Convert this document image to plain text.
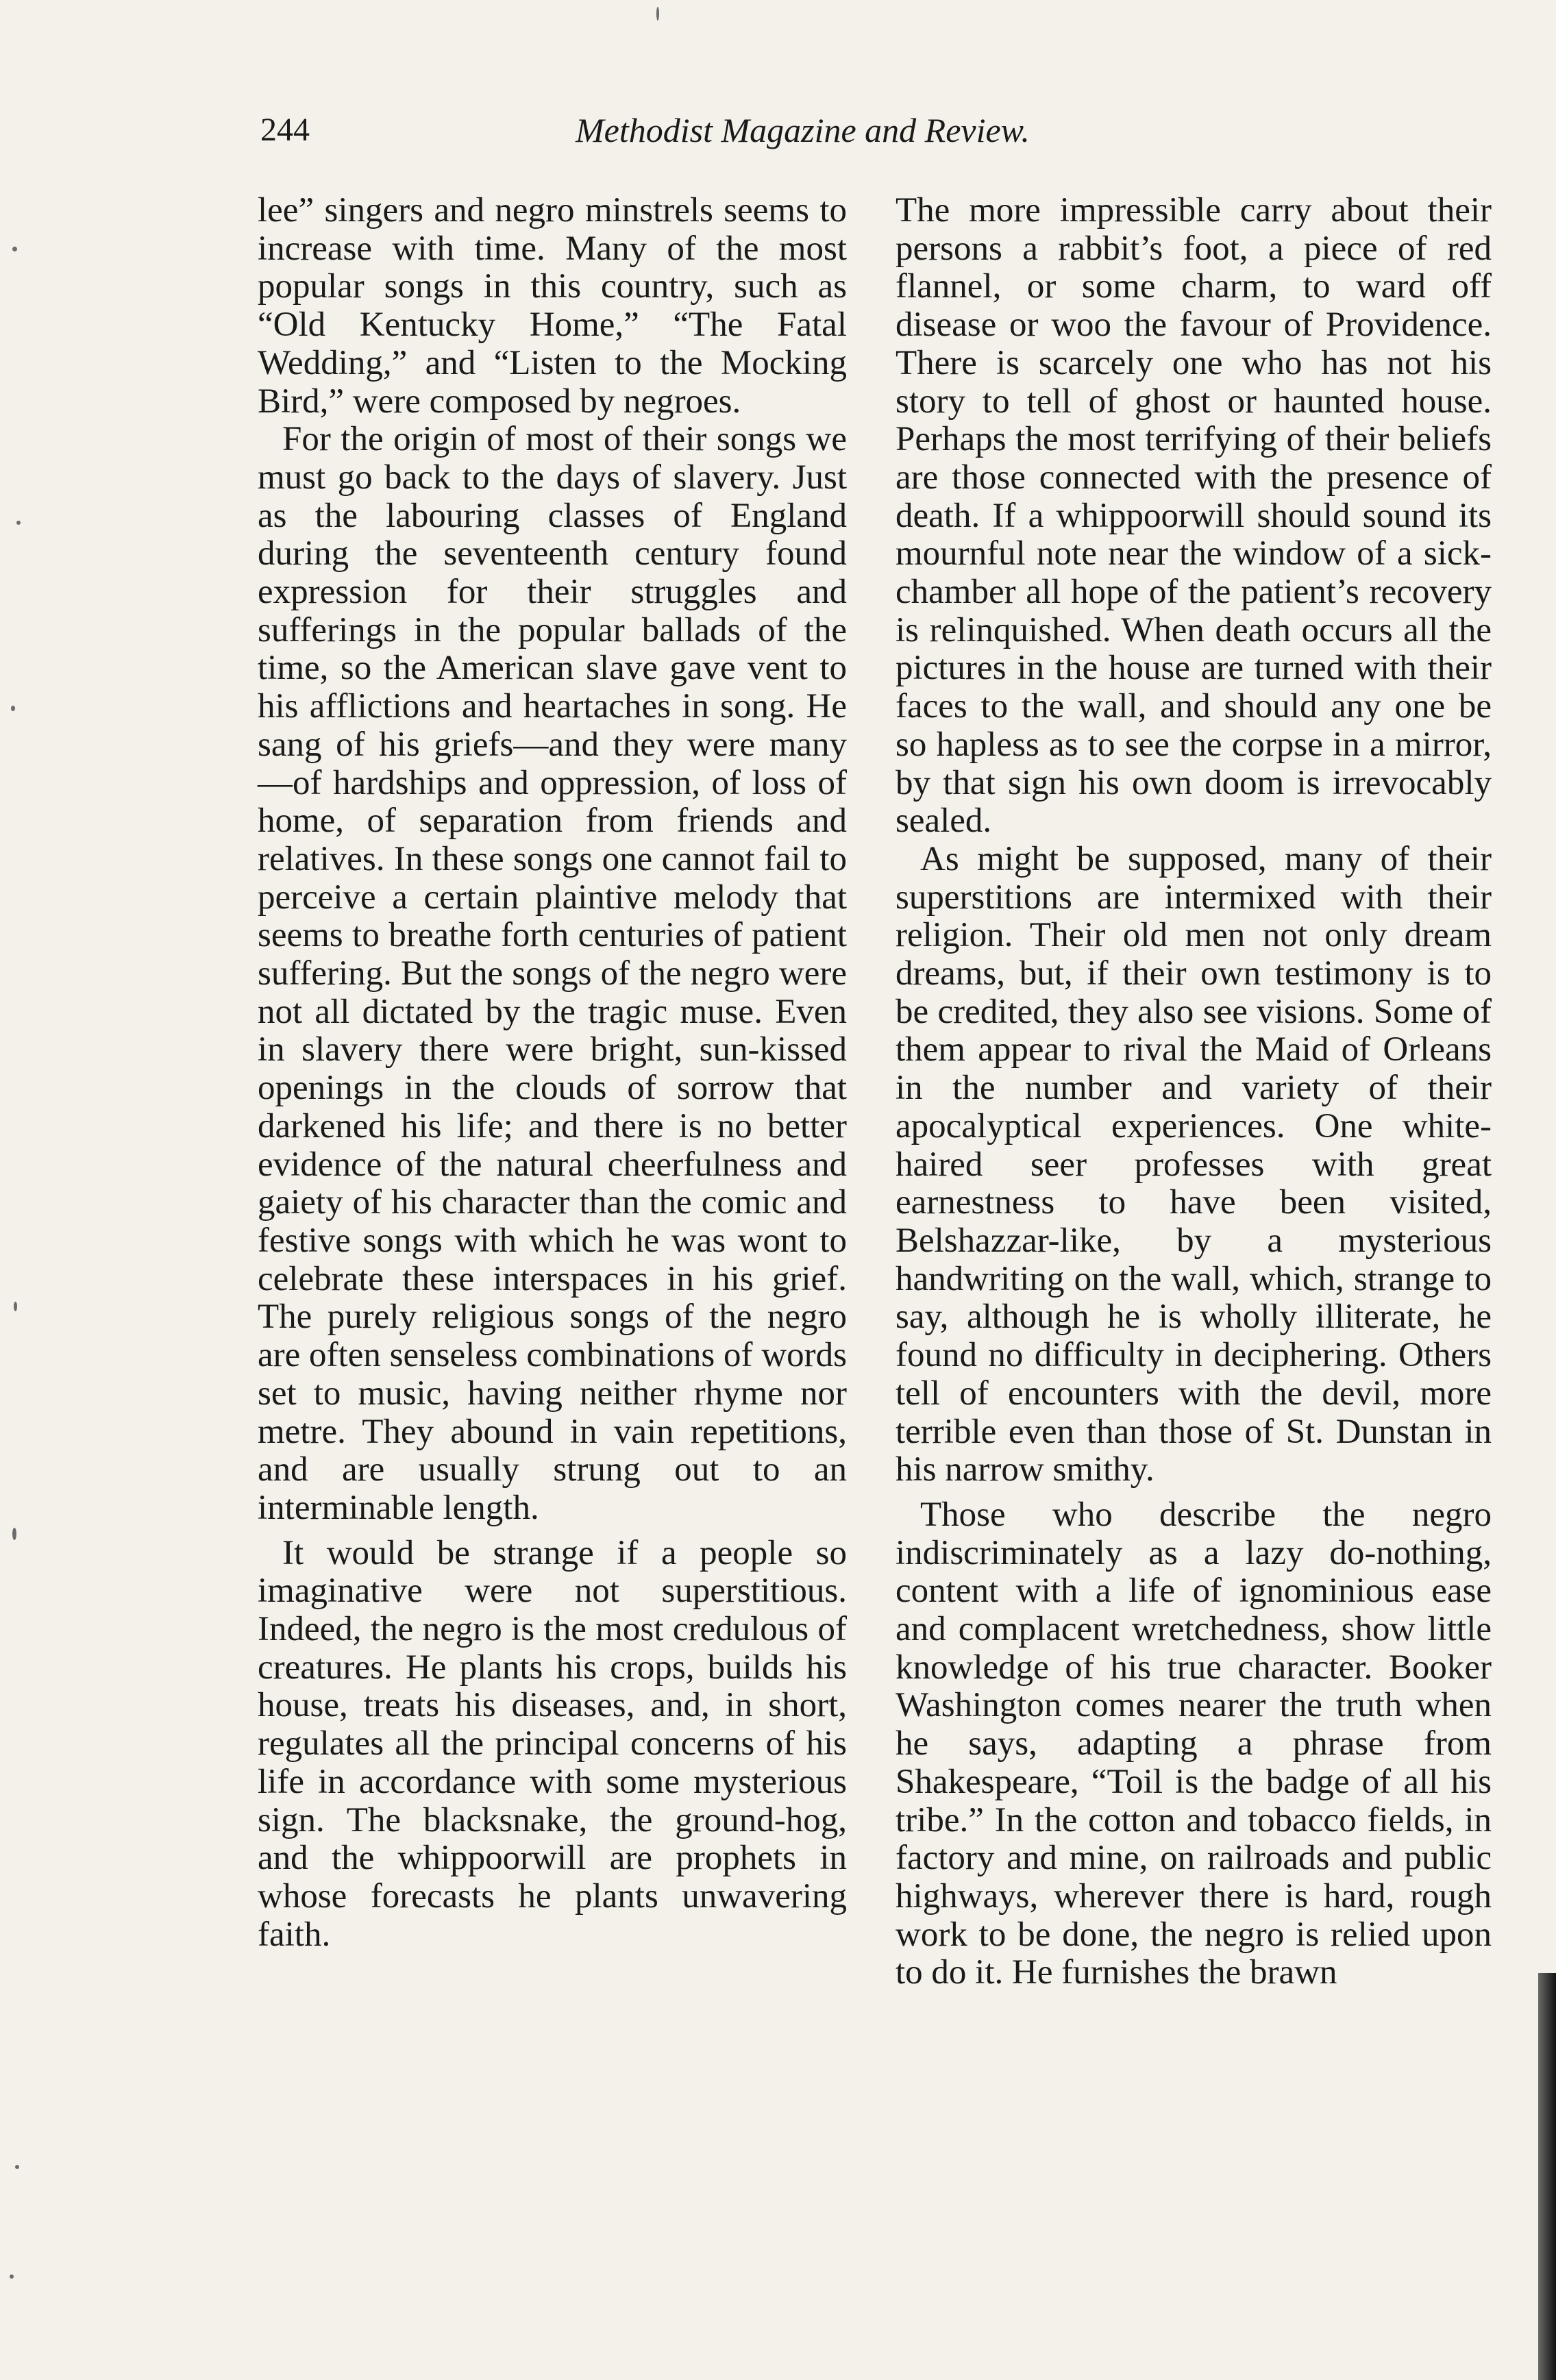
244	Methodist Magazine and Review.

lee” singers and negro minstrels seems to increase with time. Many of the most popular songs in this country, such as “Old Kentucky Home,” “The Fatal Wedding,” and “Listen to the Mocking Bird,” were composed by negroes.

For the origin of most of their songs we must go back to the days of slavery. Just as the labouring classes of England during the seventeenth century found expression for their struggles and sufferings in the popular ballads of the time, so the American slave gave vent to his afflictions and heartaches in song. He sang of his griefs—and they were many—of hardships and oppression, of loss of home, of separation from friends and relatives. In these songs one cannot fail to perceive a certain plaintive melody that seems to breathe forth centuries of patient suffering. But the songs of the negro were not all dictated by the tragic muse. Even in slavery there were bright, sun-kissed openings in the clouds of sorrow that darkened his life; and there is no better evidence of the natural cheerfulness and gaiety of his character than the comic and festive songs with which he was wont to celebrate these interspaces in his grief. The purely religious songs of the negro are often senseless combinations of words set to music, having neither rhyme nor metre. They abound in vain repetitions, and are usually strung out to an interminable length.

It would be strange if a people so imaginative were not superstitious. Indeed, the negro is the most credulous of creatures. He plants his crops, builds his house, treats his diseases, and, in short, regulates all the principal concerns of his life in accordance with some mysterious sign. The blacksnake, the ground-hog, and the whippoorwill are prophets in whose forecasts he plants unwavering faith.

The more impressible carry about their persons a rabbit’s foot, a piece of red flannel, or some charm, to ward off disease or woo the favour of Providence. There is scarcely one who has not his story to tell of ghost or haunted house. Perhaps the most terrifying of their beliefs are those connected with the presence of death. If a whippoorwill should sound its mournful note near the window of a sick-chamber all hope of the patient’s recovery is relinquished. When death occurs all the pictures in the house are turned with their faces to the wall, and should any one be so hapless as to see the corpse in a mirror, by that sign his own doom is irrevocably sealed.

As might be supposed, many of their superstitions are intermixed with their religion. Their old men not only dream dreams, but, if their own testimony is to be credited, they also see visions. Some of them appear to rival the Maid of Orleans in the number and variety of their apocalyptical experiences. One white-haired seer professes with great earnestness to have been visited, Belshazzar-like, by a mysterious handwriting on the wall, which, strange to say, although he is wholly illiterate, he found no difficulty in deciphering. Others tell of encounters with the devil, more terrible even than those of St. Dunstan in his narrow smithy.

Those who describe the negro indiscriminately as a lazy do-nothing, content with a life of ignominious ease and complacent wretchedness, show little knowledge of his true character. Booker Washington comes nearer the truth when he says, adapting a phrase from Shakespeare, “Toil is the badge of all his tribe.” In the cotton and tobacco fields, in factory and mine, on railroads and public highways, wherever there is hard, rough work to be done, the negro is relied upon to do it. He furnishes the brawn
